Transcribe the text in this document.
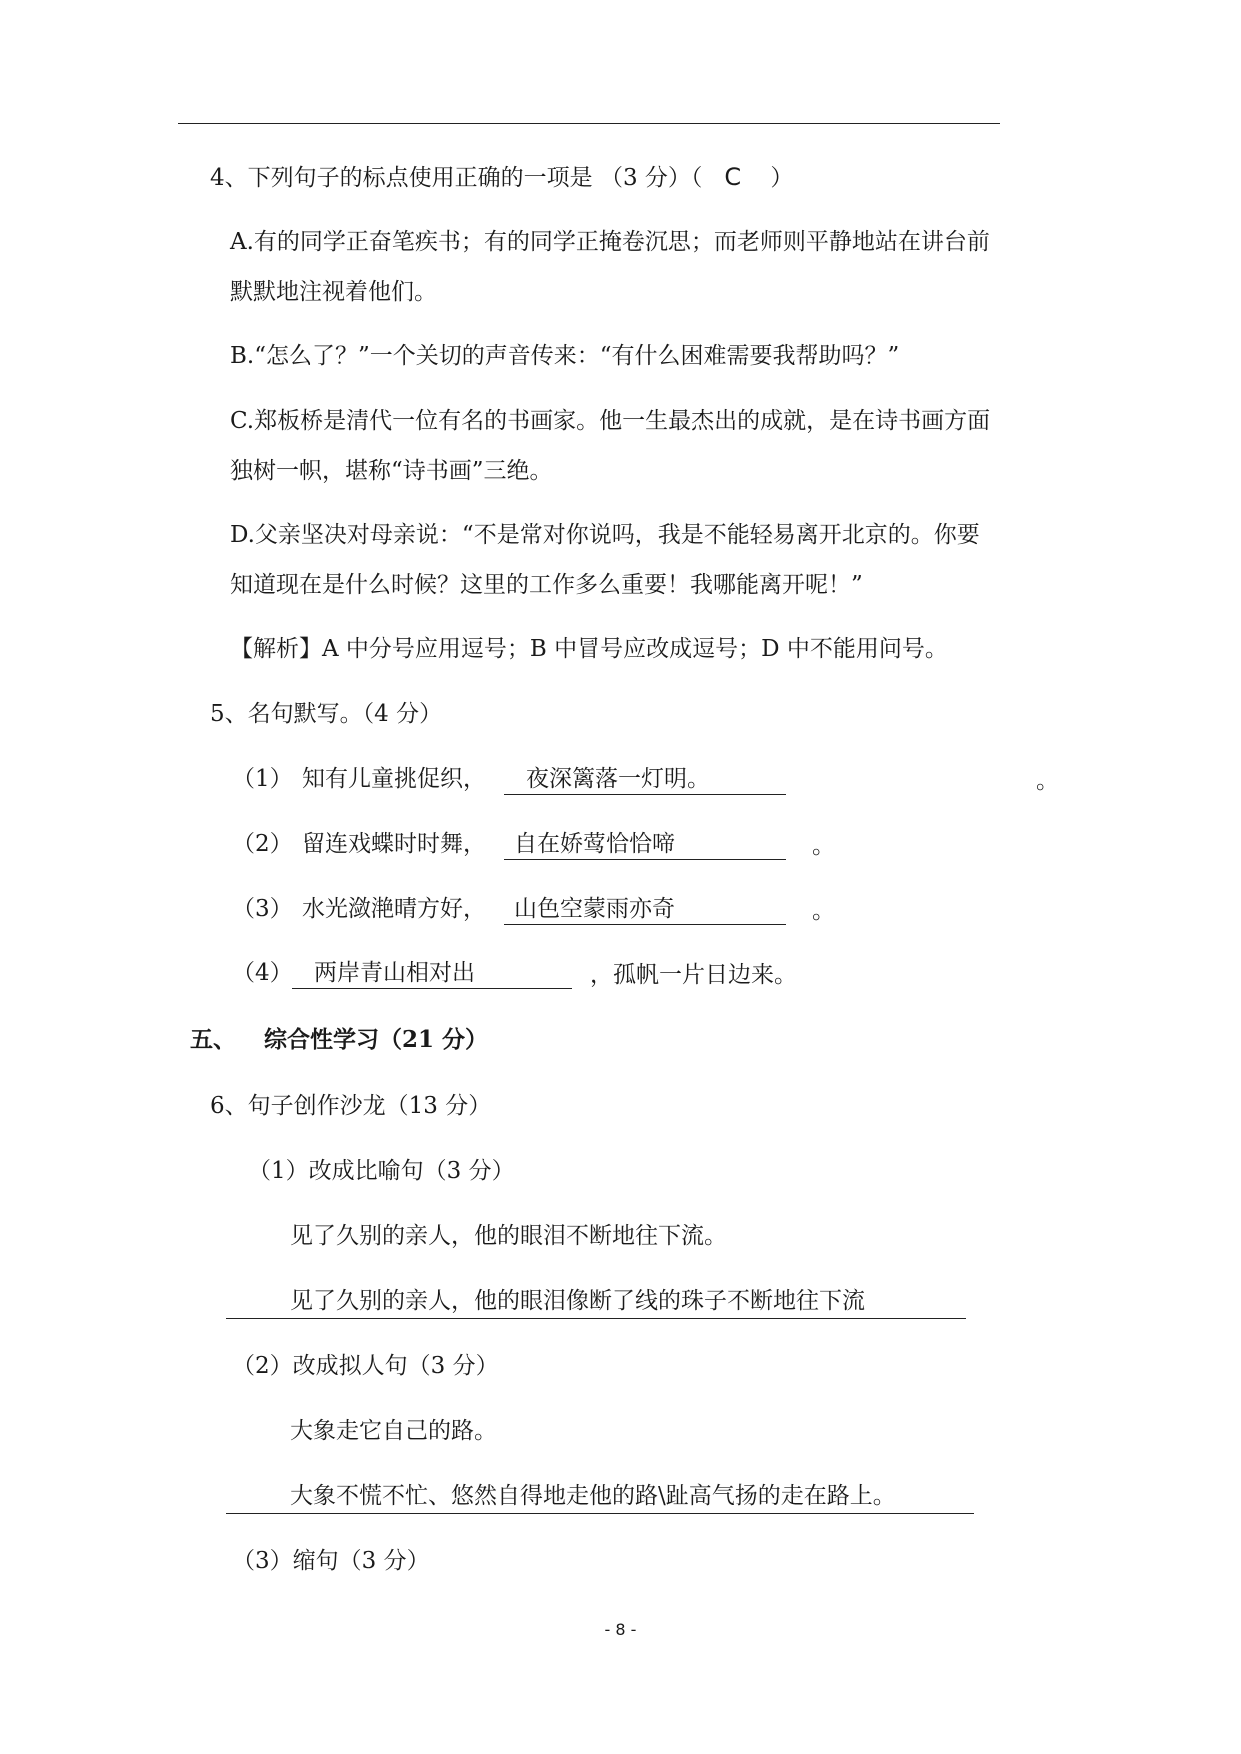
4、下列句子的标点使用正确的一项是 （3 分）（ C ）
A.有的同学正奋笔疾书；有的同学正掩卷沉思；而老师则平静地站在讲台前
默默地注视着他们。
B.“怎么了？”一个关切的声音传来：“有什么困难需要我帮助吗？”
C.郑板桥是清代一位有名的书画家。他一生最杰出的成就，是在诗书画方面
独树一帜，堪称“诗书画”三绝。
D.父亲坚决对母亲说：“不是常对你说吗，我是不能轻易离开北京的。你要
知道现在是什么时候？这里的工作多么重要！我哪能离开呢！”
【解析】A 中分号应用逗号；B 中冒号应改成逗号；D 中不能用问号。
5、名句默写。（4 分）
（1） 知有儿童挑促织，	夜深篱落一灯明。	。
（2） 留连戏蝶时时舞，	自在娇莺恰恰啼	。
（3） 水光潋滟晴方好，	山色空蒙雨亦奇	。
（4） 两岸青山相对出	，孤帆一片日边来。
五、 综合性学习（21 分）
6、句子创作沙龙（13 分）
（1）改成比喻句（3 分）
见了久别的亲人，他的眼泪不断地往下流。
见了久别的亲人，他的眼泪像断了线的珠子不断地往下流
（2）改成拟人句（3 分）
大象走它自己的路。
大象不慌不忙、悠然自得地走他的路\趾高气扬的走在路上。
（3）缩句（3 分）
- 8 -
